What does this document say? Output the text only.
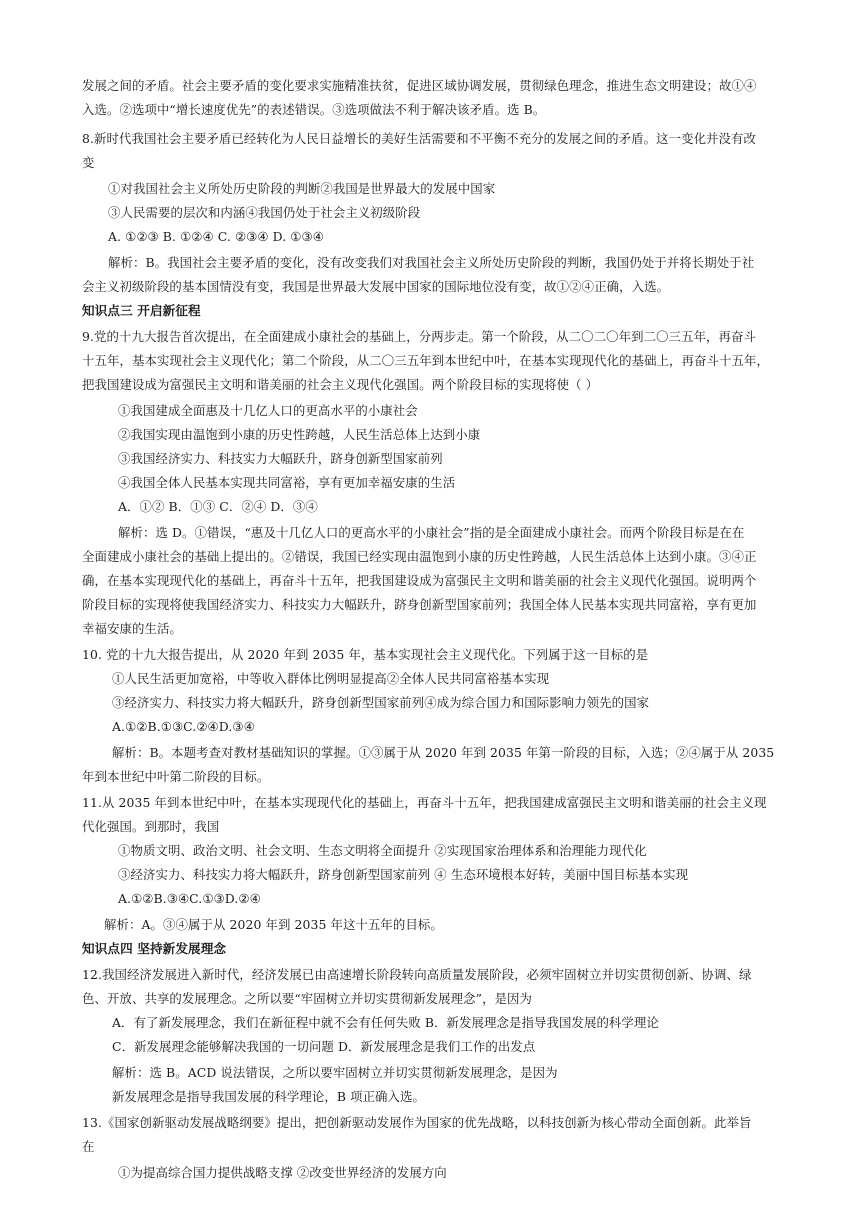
发展之间的矛盾。社会主要矛盾的变化要求实施精准扶贫，促进区域协调发展，贯彻绿色理念，推进生态文明建设；故①④
入选。②选项中“增长速度优先”的表述错误。③选项做法不利于解决该矛盾。选 B。
8.新时代我国社会主要矛盾已经转化为人民日益增长的美好生活需要和不平衡不充分的发展之间的矛盾。这一变化并没有改
变
①对我国社会主义所处历史阶段的判断②我国是世界最大的发展中国家
③人民需要的层次和内涵④我国仍处于社会主义初级阶段
A. ①②③ B. ①②④ C. ②③④ D. ①③④
解析：B。我国社会主要矛盾的变化，没有改变我们对我国社会主义所处历史阶段的判断，我国仍处于并将长期处于社
会主义初级阶段的基本国情没有变，我国是世界最大发展中国家的国际地位没有变，故①②④正确，入选。
知识点三 开启新征程
9.党的十九大报告首次提出，在全面建成小康社会的基础上，分两步走。第一个阶段，从二〇二〇年到二〇三五年，再奋斗
十五年，基本实现社会主义现代化；第二个阶段，从二〇三五年到本世纪中叶，在基本实现现代化的基础上，再奋斗十五年，
把我国建设成为富强民主文明和谐美丽的社会主义现代化强国。两个阶段目标的实现将使（ ）
①我国建成全面惠及十几亿人口的更高水平的小康社会
②我国实现由温饱到小康的历史性跨越，人民生活总体上达到小康
③我国经济实力、科技实力大幅跃升，跻身创新型国家前列
④我国全体人民基本实现共同富裕，享有更加幸福安康的生活
A．①② B．①③ C．②④ D．③④
解析：选 D。①错误，“惠及十几亿人口的更高水平的小康社会”指的是全面建成小康社会。而两个阶段目标是在在
全面建成小康社会的基础上提出的。②错误，我国已经实现由温饱到小康的历史性跨越，人民生活总体上达到小康。③④正
确，在基本实现现代化的基础上，再奋斗十五年，把我国建设成为富强民主文明和谐美丽的社会主义现代化强国。说明两个
阶段目标的实现将使我国经济实力、科技实力大幅跃升，跻身创新型国家前列；我国全体人民基本实现共同富裕，享有更加
幸福安康的生活。
10. 党的十九大报告提出，从 2020 年到 2035 年，基本实现社会主义现代化。下列属于这一目标的是
①人民生活更加宽裕，中等收入群体比例明显提高②全体人民共同富裕基本实现
③经济实力、科技实力将大幅跃升，跻身创新型国家前列④成为综合国力和国际影响力领先的国家
A.①②B.①③C.②④D.③④
解析：B。本题考查对教材基础知识的掌握。①③属于从 2020 年到 2035 年第一阶段的目标，入选；②④属于从 2035
年到本世纪中叶第二阶段的目标。
11.从 2035 年到本世纪中叶，在基本实现现代化的基础上，再奋斗十五年，把我国建成富强民主文明和谐美丽的社会主义现
代化强国。到那时，我国
①物质文明、政治文明、社会文明、生态文明将全面提升 ②实现国家治理体系和治理能力现代化
③经济实力、科技实力将大幅跃升，跻身创新型国家前列 ④ 生态环境根本好转，美丽中国目标基本实现
A.①②B.③④C.①③D.②④
解析：A。③④属于从 2020 年到 2035 年这十五年的目标。
知识点四 坚持新发展理念
12.我国经济发展进入新时代，经济发展已由高速增长阶段转向高质量发展阶段，必须牢固树立并切实贯彻创新、协调、绿
色、开放、共享的发展理念。之所以要“牢固树立并切实贯彻新发展理念”，是因为
A．有了新发展理念，我们在新征程中就不会有任何失败 B．新发展理念是指导我国发展的科学理论
C．新发展理念能够解决我国的一切问题 D．新发展理念是我们工作的出发点
解析：选 B。ACD 说法错误，之所以要牢固树立并切实贯彻新发展理念，是因为
新发展理念是指导我国发展的科学理论，B 项正确入选。
13.《国家创新驱动发展战略纲要》提出，把创新驱动发展作为国家的优先战略，以科技创新为核心带动全面创新。此举旨
在
①为提高综合国力提供战略支撑 ②改变世界经济的发展方向
